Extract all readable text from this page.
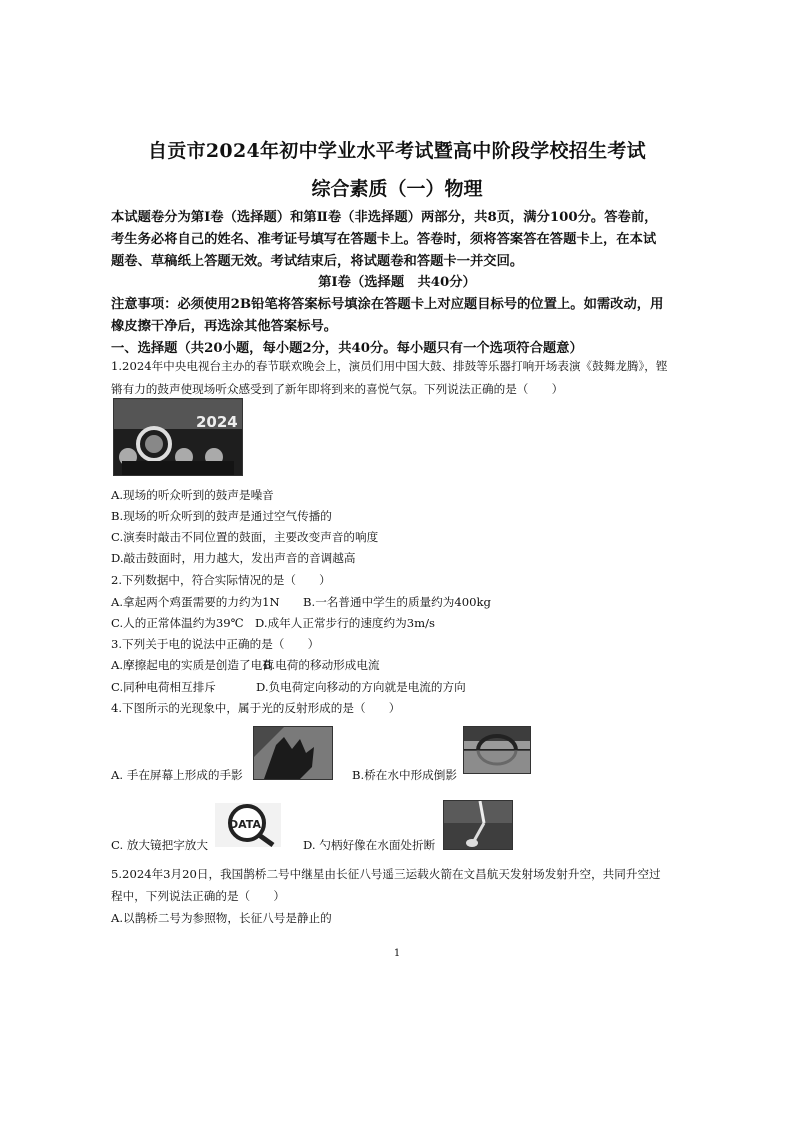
自贡市2024年初中学业水平考试暨高中阶段学校招生考试
综合素质（一）物理
本试题卷分为第Ⅰ卷（选择题）和第Ⅱ卷（非选择题）两部分，共8页，满分100分。答卷前，
考生务必将自己的姓名、准考证号填写在答题卡上。答卷时，须将答案答在答题卡上，在本试
题卷、草稿纸上答题无效。考试结束后，将试题卷和答题卡一并交回。
第Ⅰ卷（选择题　共40分）
注意事项：必须使用2B铅笔将答案标号填涂在答题卡上对应题目标号的位置上。如需改动，用
橡皮擦干净后，再选涂其他答案标号。
一、选择题（共20小题，每小题2分，共40分。每小题只有一个选项符合题意）
1.2024年中央电视台主办的春节联欢晚会上，演员们用中国大鼓、排鼓等乐器打响开场表演《鼓舞龙腾》，铿
锵有力的鼓声使现场听众感受到了新年即将到来的喜悦气氛。下列说法正确的是（　　）
2024
A.现场的听众听到的鼓声是噪音
B.现场的听众听到的鼓声是通过空气传播的
C.演奏时敲击不同位置的鼓面，主要改变声音的响度
D.敲击鼓面时，用力越大，发出声音的音调越高
2.下列数据中，符合实际情况的是（　　）
A.拿起两个鸡蛋需要的力约为1N B.一名普通中学生的质量约为400kg
C.人的正常体温约为39℃ D.成年人正常步行的速度约为3m/s
3.下列关于电的说法中正确的是（　　）
A.摩擦起电的实质是创造了电荷
B.电荷的移动形成电流
C.同种电荷相互排斥	D.负电荷定向移动的方向就是电流的方向
4.下图所示的光现象中，属于光的反射形成的是（　　）
A. 手在屏幕上形成的手影	B.桥在水中形成倒影
C. 放大镜把字放大
DATA
D. 勺柄好像在水面处折断
5.2024年3月20日，我国鹊桥二号中继星由长征八号遥三运载火箭在文昌航天发射场发射升空，共同升空过
程中，下列说法正确的是（　　）
A.以鹊桥二号为参照物，长征八号是静止的
1
